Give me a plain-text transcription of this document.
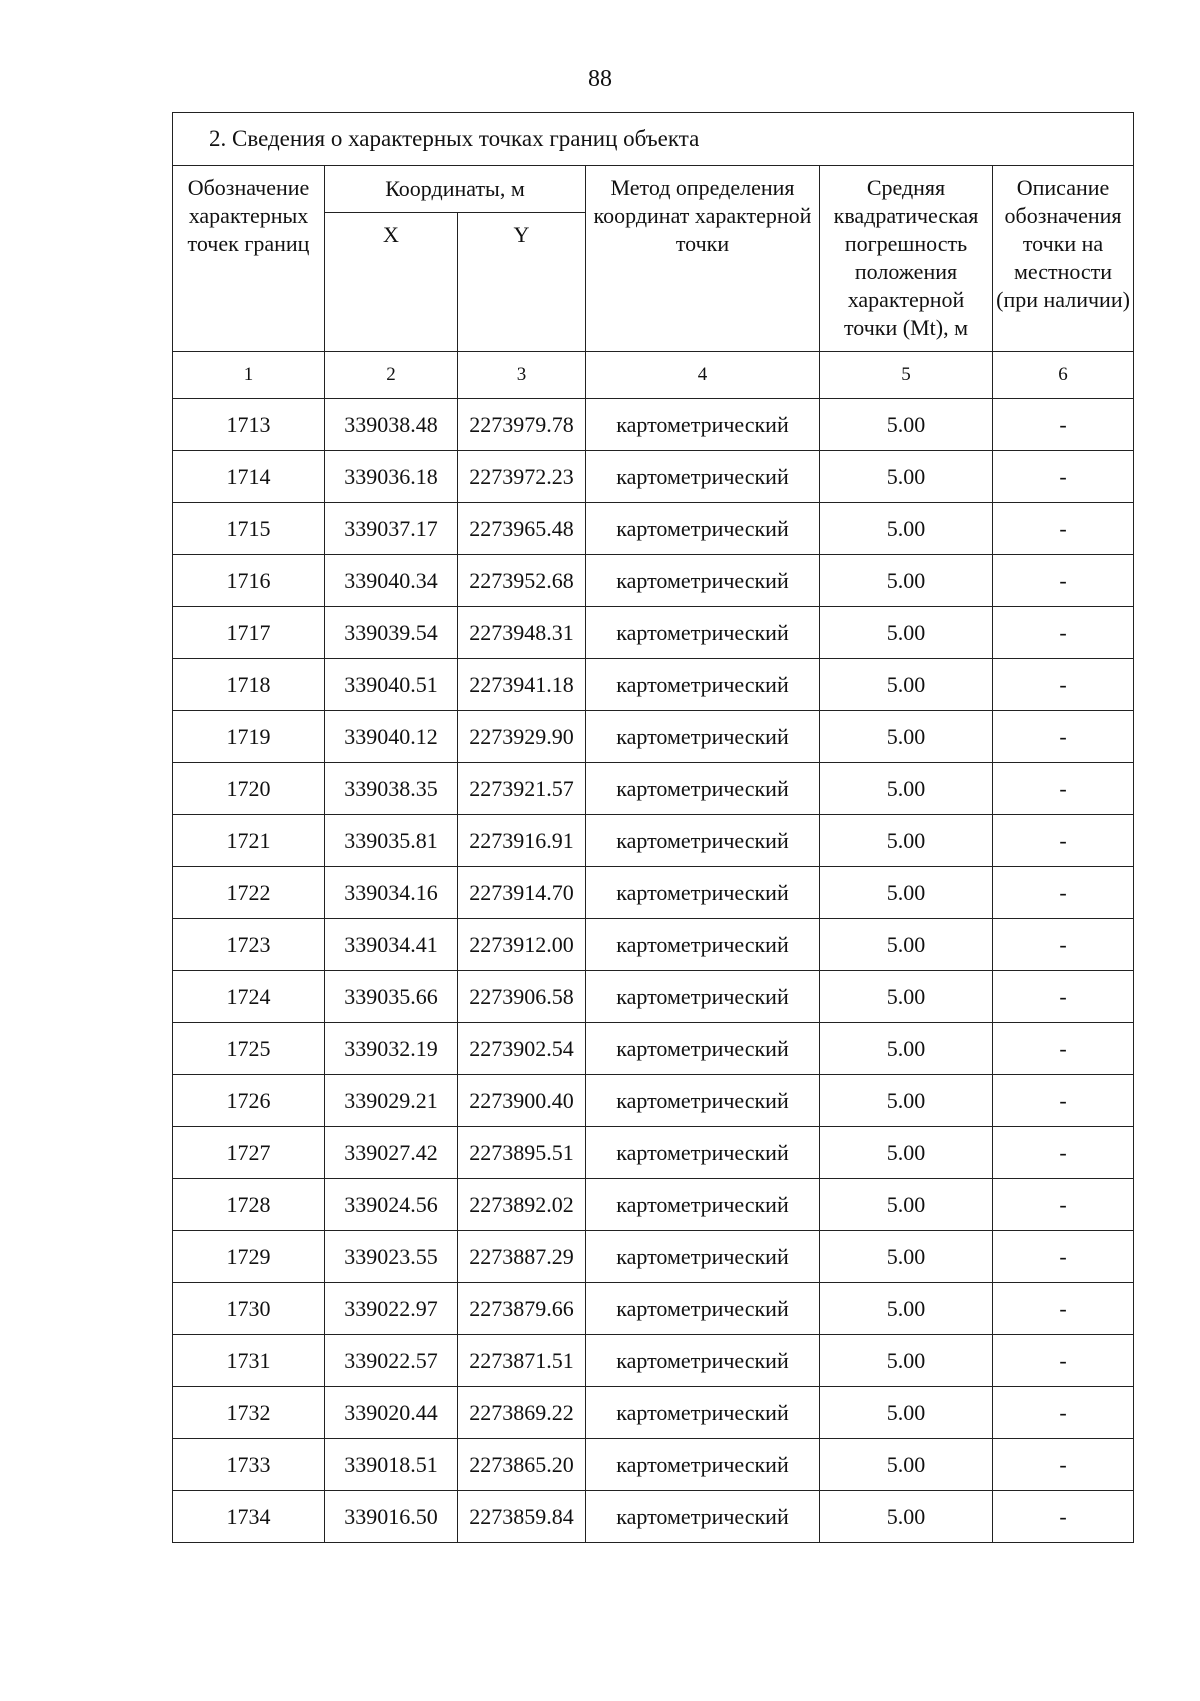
88
2. Сведения о характерных точках границ объекта					
Обозначение характерных точек границ	Координаты, м		Метод определения координат характерной точки	Средняя квадратическая погрешность положения характерной точки (Mt), м	Описание обозначения точки на местности (при наличии)
	X	Y			
1	2	3	4	5	6
1713	339038.48	2273979.78	картометрический	5.00	-
1714	339036.18	2273972.23	картометрический	5.00	-
1715	339037.17	2273965.48	картометрический	5.00	-
1716	339040.34	2273952.68	картометрический	5.00	-
1717	339039.54	2273948.31	картометрический	5.00	-
1718	339040.51	2273941.18	картометрический	5.00	-
1719	339040.12	2273929.90	картометрический	5.00	-
1720	339038.35	2273921.57	картометрический	5.00	-
1721	339035.81	2273916.91	картометрический	5.00	-
1722	339034.16	2273914.70	картометрический	5.00	-
1723	339034.41	2273912.00	картометрический	5.00	-
1724	339035.66	2273906.58	картометрический	5.00	-
1725	339032.19	2273902.54	картометрический	5.00	-
1726	339029.21	2273900.40	картометрический	5.00	-
1727	339027.42	2273895.51	картометрический	5.00	-
1728	339024.56	2273892.02	картометрический	5.00	-
1729	339023.55	2273887.29	картометрический	5.00	-
1730	339022.97	2273879.66	картометрический	5.00	-
1731	339022.57	2273871.51	картометрический	5.00	-
1732	339020.44	2273869.22	картометрический	5.00	-
1733	339018.51	2273865.20	картометрический	5.00	-
1734	339016.50	2273859.84	картометрический	5.00	-
